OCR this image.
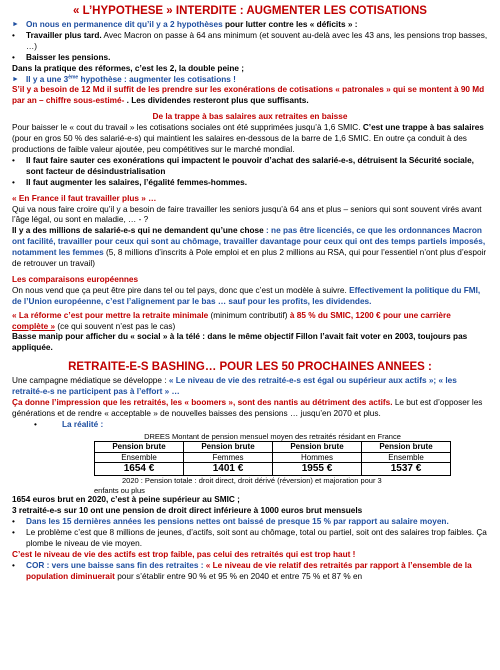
« L’HYPOTHESE » INTERDITE : AUGMENTER LES COTISATIONS
► On nous en permanence dit qu’il y a 2 hypothèses pour lutter contre les « déficits » :
•	Travailler plus tard. Avec Macron on passe à 64 ans minimum (et souvent au-delà avec les 43 ans, les pensions trop basses, …)
•	Baisser les pensions.
Dans la pratique des réformes, c’est les 2, la double peine ;
► Il y a une 3ème hypothèse : augmenter les cotisations !
S’il y a besoin de 12 Md il suffit de les prendre sur les exonérations de cotisations « patronales » qui se montent à 90 Md par an – chiffre sous-estimé- . Les dividendes resteront plus que suffisants.
De la trappe à bas salaires aux retraites en baisse
Pour baisser le « cout du travail » les cotisations sociales ont été supprimées jusqu’à 1,6 SMIC. C’est une trappe à bas salaires (pour en gros 50 % des salarié-e-s) qui maintient les salaires en-dessous de la barre de 1,6 SMIC. En outre ça conduit à des productions de faible valeur ajoutée, peu compétitives sur le marché mondial.
•	Il faut faire sauter ces exonérations qui impactent le pouvoir d’achat des salarié-e-s, détruisent la Sécurité sociale, sont facteur de désindustrialisation
•	Il faut augmenter les salaires, l’égalité femmes-hommes.
« En France il faut travailler plus » …
Qui va nous faire croire qu’il y a besoin de faire travailler les seniors jusqu’à 64 ans et plus – seniors qui sont souvent virés avant l’âge légal, ou sont en maladie, … - ?
Il y a des millions de salarié-e-s qui ne demandent qu’une chose : ne pas être licenciés, ce que les ordonnances Macron ont facilité, travailler pour ceux qui sont au chômage, travailler davantage pour ceux qui ont des temps partiels imposés, notamment les femmes (5, 8 millions d’inscrits à Pole emploi et en plus 2 millions au RSA, qui pour l’essentiel n’ont plus d’espoir de retrouver un travail)
Les comparaisons européennes
On nous vend que ça peut être pire dans tel ou tel pays, donc que c’est un modèle à suivre. Effectivement la politique du FMI, de l’Union européenne, c’est l’alignement par le bas … sauf pour les profits, les dividendes.
« La réforme c’est pour mettre la retraite minimale (minimum contributif) à 85 % du SMIC, 1200 € pour une carrière complète » (ce qui souvent n’est pas le cas)
Basse manip pour afficher du « social » à la télé : dans le même objectif Fillon l’avait fait voter en 2003, toujours pas appliquée.
RETRAITE-E-S BASHING… POUR LES 50 PROCHAINES ANNEES :
Une campagne médiatique se développe : « Le niveau de vie des retraité-e-s est égal ou supérieur aux actifs »; « les retraité-e-s ne participent pas à l’effort » …
Ça donne l’impression que les retraités, les « boomers », sont des nantis au détriment des actifs. Le but est d’opposer les générations et de rendre « acceptable » de nouvelles baisses des pensions … jusqu’en 2070 et plus.
•	La réalité :
DREES Montant de pension mensuel moyen des retraités résidant en France			
Pension brute	Pension brute	Pension brute	Pension brute
Ensemble	Femmes	Hommes	Ensemble
1654 €	1401 €	1955 €	1537 €
2020 : Pension totale : droit direct, droit dérivé (réversion) et majoration pour 3
enfants ou plus
1654 euros brut en 2020, c’est à peine supérieur au SMIC ;
3 retraité-e-s sur 10 ont une pension de droit direct inférieure à 1000 euros brut mensuels
•	Dans les 15 dernières années les pensions nettes ont baissé de presque 15 % par rapport au salaire moyen.
•	Le problème c’est que 8 millions de jeunes, d’actifs, soit sont au chômage, total ou partiel, soit ont des salaires trop faibles. Ça plombe le niveau de vie moyen.
C’est le niveau de vie des actifs est trop faible, pas celui des retraités qui est trop haut !
•	COR : vers une baisse sans fin des retraites : « Le niveau de vie relatif des retraités par rapport à l’ensemble de la population diminuerait pour s’établir entre 90 % et 95 % en 2040 et entre 75 % et 87 % en
